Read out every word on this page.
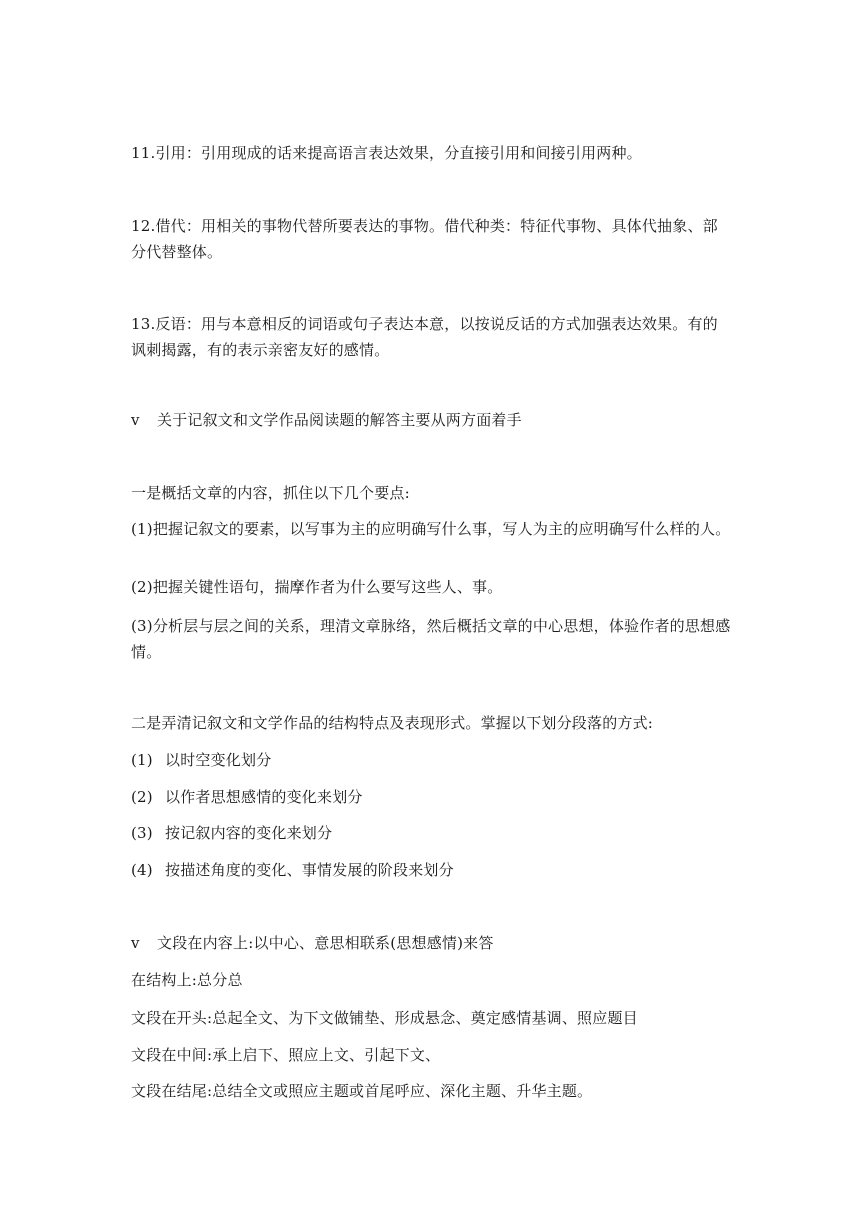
11.引用：引用现成的话来提高语言表达效果，分直接引用和间接引用两种。

12.借代：用相关的事物代替所要表达的事物。借代种类：特征代事物、具体代抽象、部分代替整体。

13.反语：用与本意相反的词语或句子表达本意，以按说反话的方式加强表达效果。有的讽刺揭露，有的表示亲密友好的感情。

v 关于记叙文和文学作品阅读题的解答主要从两方面着手

一是概括文章的内容，抓住以下几个要点:

(1)把握记叙文的要素，以写事为主的应明确写什么事，写人为主的应明确写什么样的人。

(2)把握关键性语句，揣摩作者为什么要写这些人、事。

(3)分析层与层之间的关系，理清文章脉络，然后概括文章的中心思想，体验作者的思想感情。

二是弄清记叙文和文学作品的结构特点及表现形式。掌握以下划分段落的方式:

(1) 以时空变化划分

(2) 以作者思想感情的变化来划分

(3) 按记叙内容的变化来划分

(4) 按描述角度的变化、事情发展的阶段来划分

v 文段在内容上:以中心、意思相联系(思想感情)来答

在结构上:总分总

文段在开头:总起全文、为下文做铺垫、形成悬念、奠定感情基调、照应题目

文段在中间:承上启下、照应上文、引起下文、

文段在结尾:总结全文或照应主题或首尾呼应、深化主题、升华主题。
